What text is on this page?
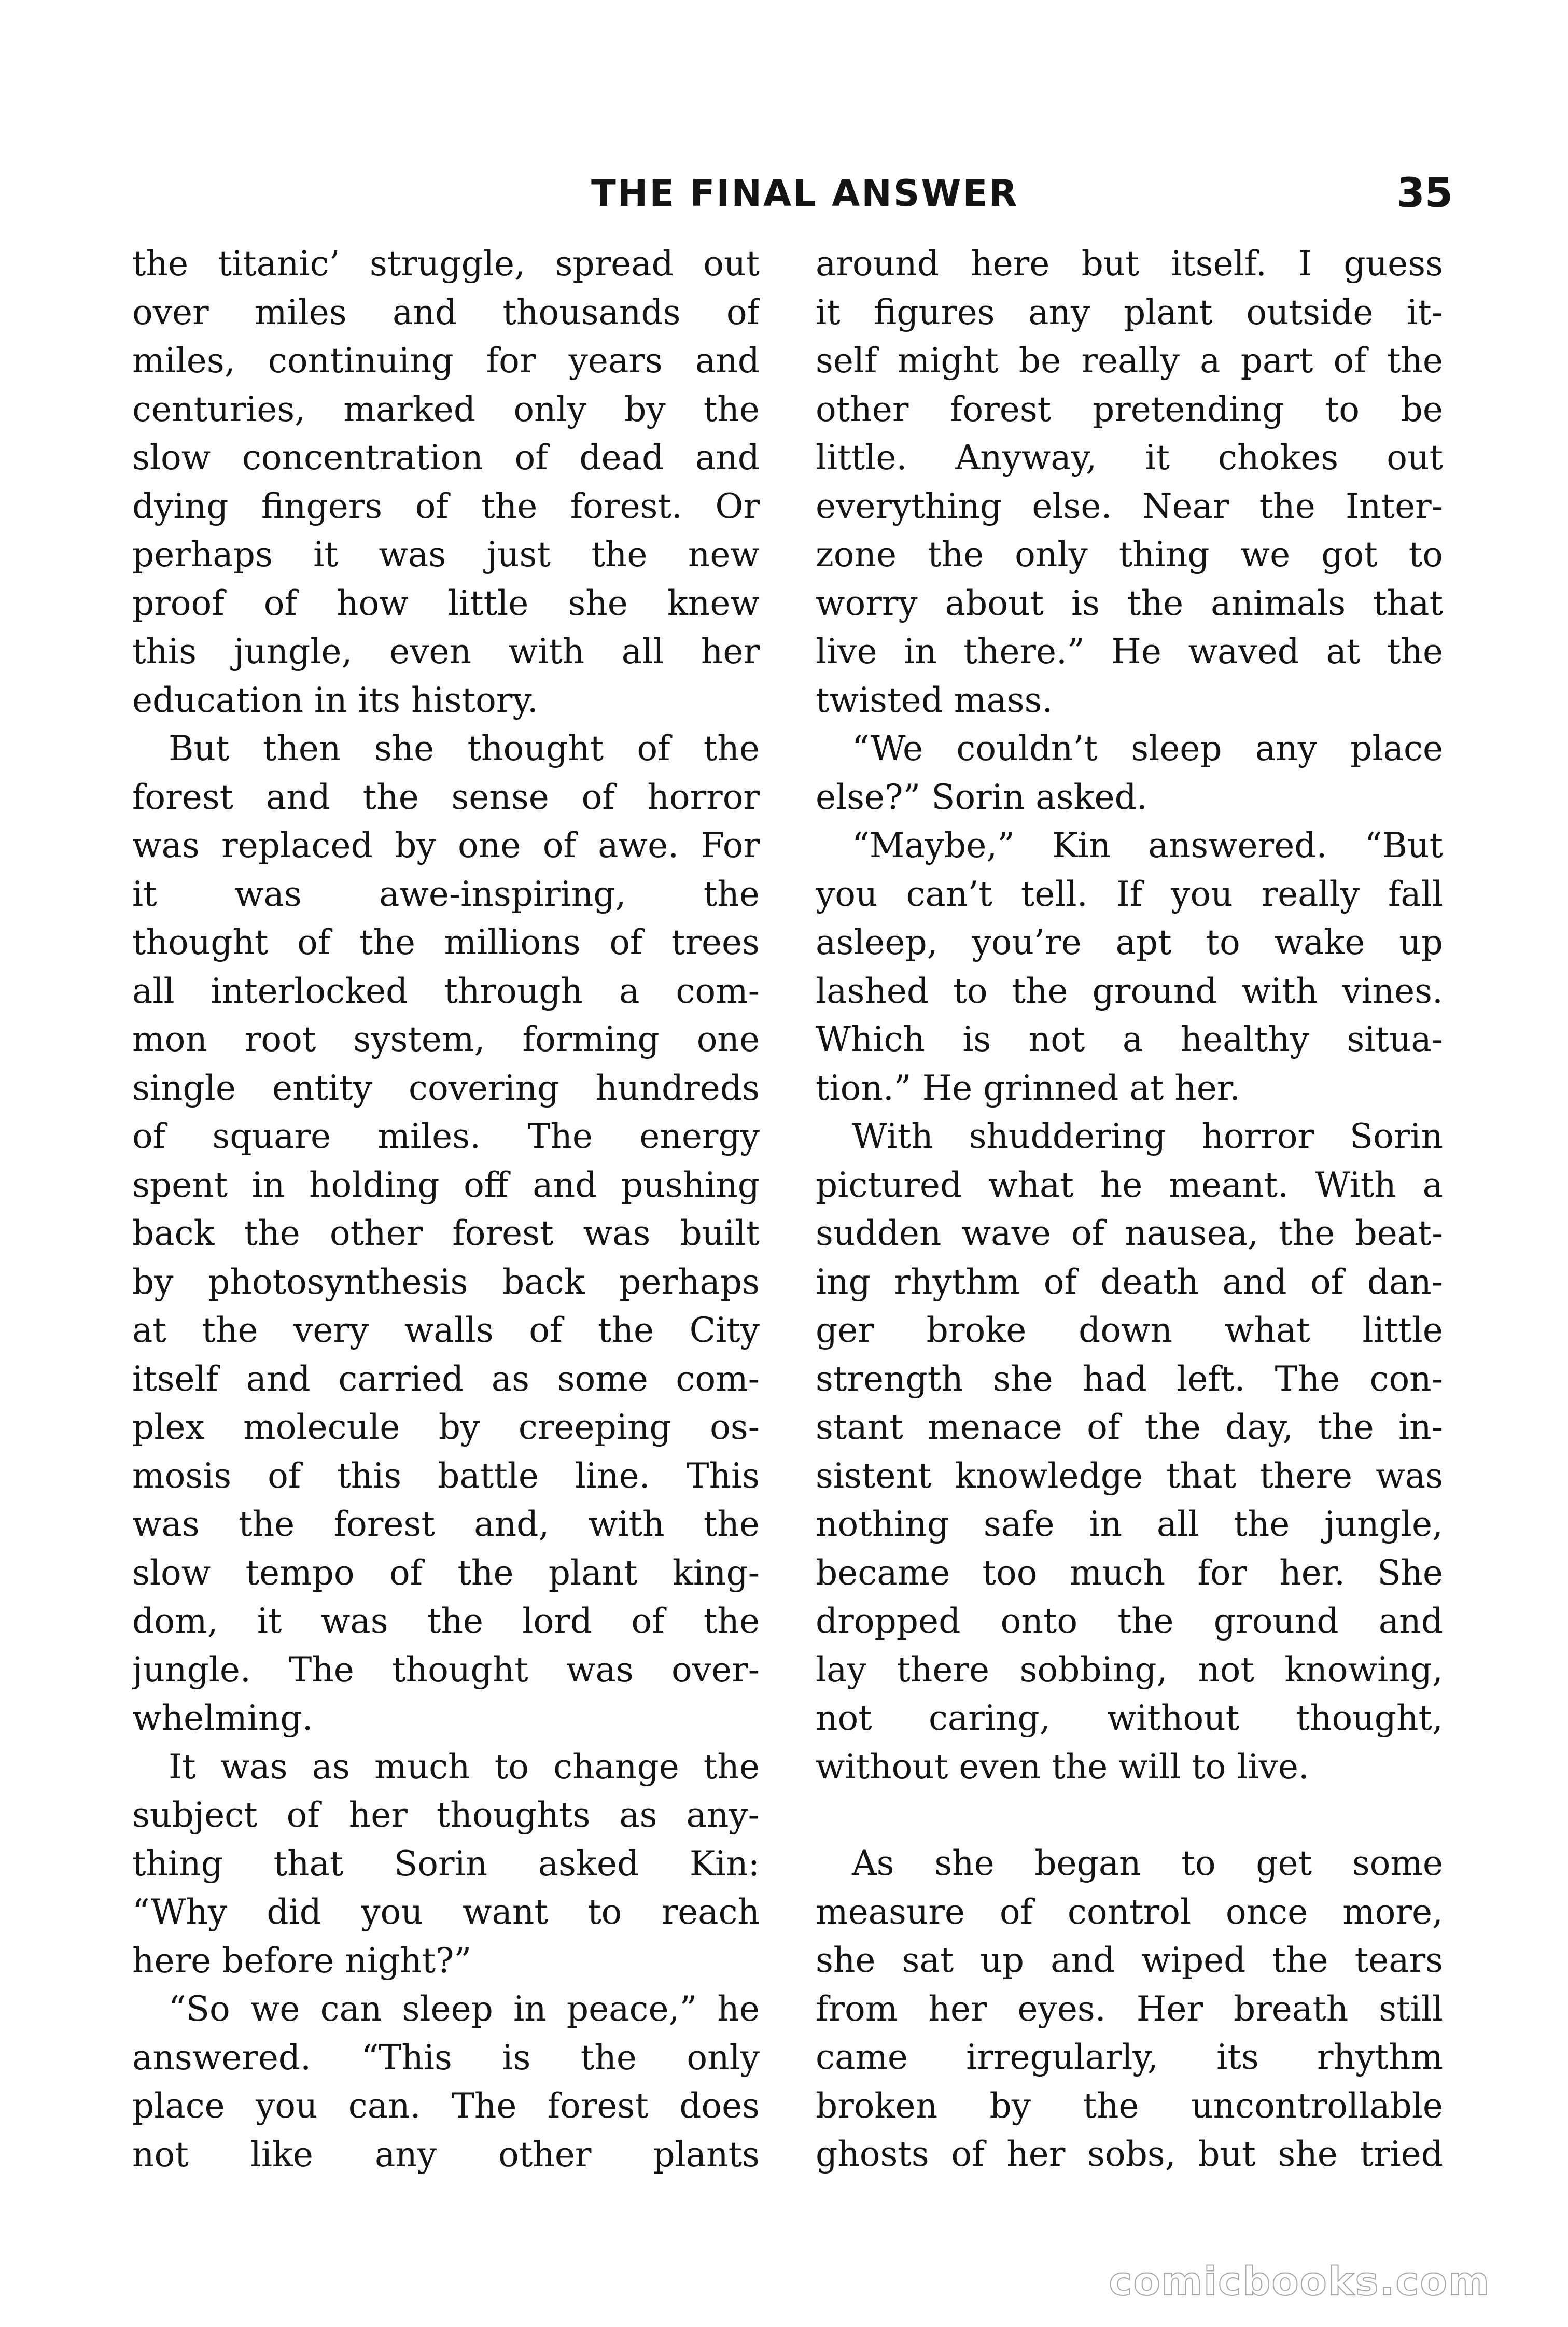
THE FINAL ANSWER	35
the titanic’ struggle, spread out
over miles and thousands of
miles, continuing for years and
centuries, marked only by the
slow concentration of dead and
dying fingers of the forest. Or
perhaps it was just the new
proof of how little she knew
this jungle, even with all her
education in its history.
But then she thought of the
forest and the sense of horror
was replaced by one of awe. For
it was awe-inspiring, the
thought of the millions of trees
all interlocked through a com-
mon root system, forming one
single entity covering hundreds
of square miles. The energy
spent in holding off and pushing
back the other forest was built
by photosynthesis back perhaps
at the very walls of the City
itself and carried as some com-
plex molecule by creeping os-
mosis of this battle line. This
was the forest and, with the
slow tempo of the plant king-
dom, it was the lord of the
jungle. The thought was over-
whelming.
It was as much to change the
subject of her thoughts as any-
thing that Sorin asked Kin:
“Why did you want to reach
here before night?”
“So we can sleep in peace,” he
answered. “This is the only
place you can. The forest does
not like any other plants
around here but itself. I guess
it figures any plant outside it-
self might be really a part of the
other forest pretending to be
little. Anyway, it chokes out
everything else. Near the Inter-
zone the only thing we got to
worry about is the animals that
live in there.” He waved at the
twisted mass.
“We couldn’t sleep any place
else?” Sorin asked.
“Maybe,” Kin answered. “But
you can’t tell. If you really fall
asleep, you’re apt to wake up
lashed to the ground with vines.
Which is not a healthy situa-
tion.” He grinned at her.
With shuddering horror Sorin
pictured what he meant. With a
sudden wave of nausea, the beat-
ing rhythm of death and of dan-
ger broke down what little
strength she had left. The con-
stant menace of the day, the in-
sistent knowledge that there was
nothing safe in all the jungle,
became too much for her. She
dropped onto the ground and
lay there sobbing, not knowing,
not caring, without thought,
without even the will to live.
As she began to get some
measure of control once more,
she sat up and wiped the tears
from her eyes. Her breath still
came irregularly, its rhythm
broken by the uncontrollable
ghosts of her sobs, but she tried
comicbooks.com
